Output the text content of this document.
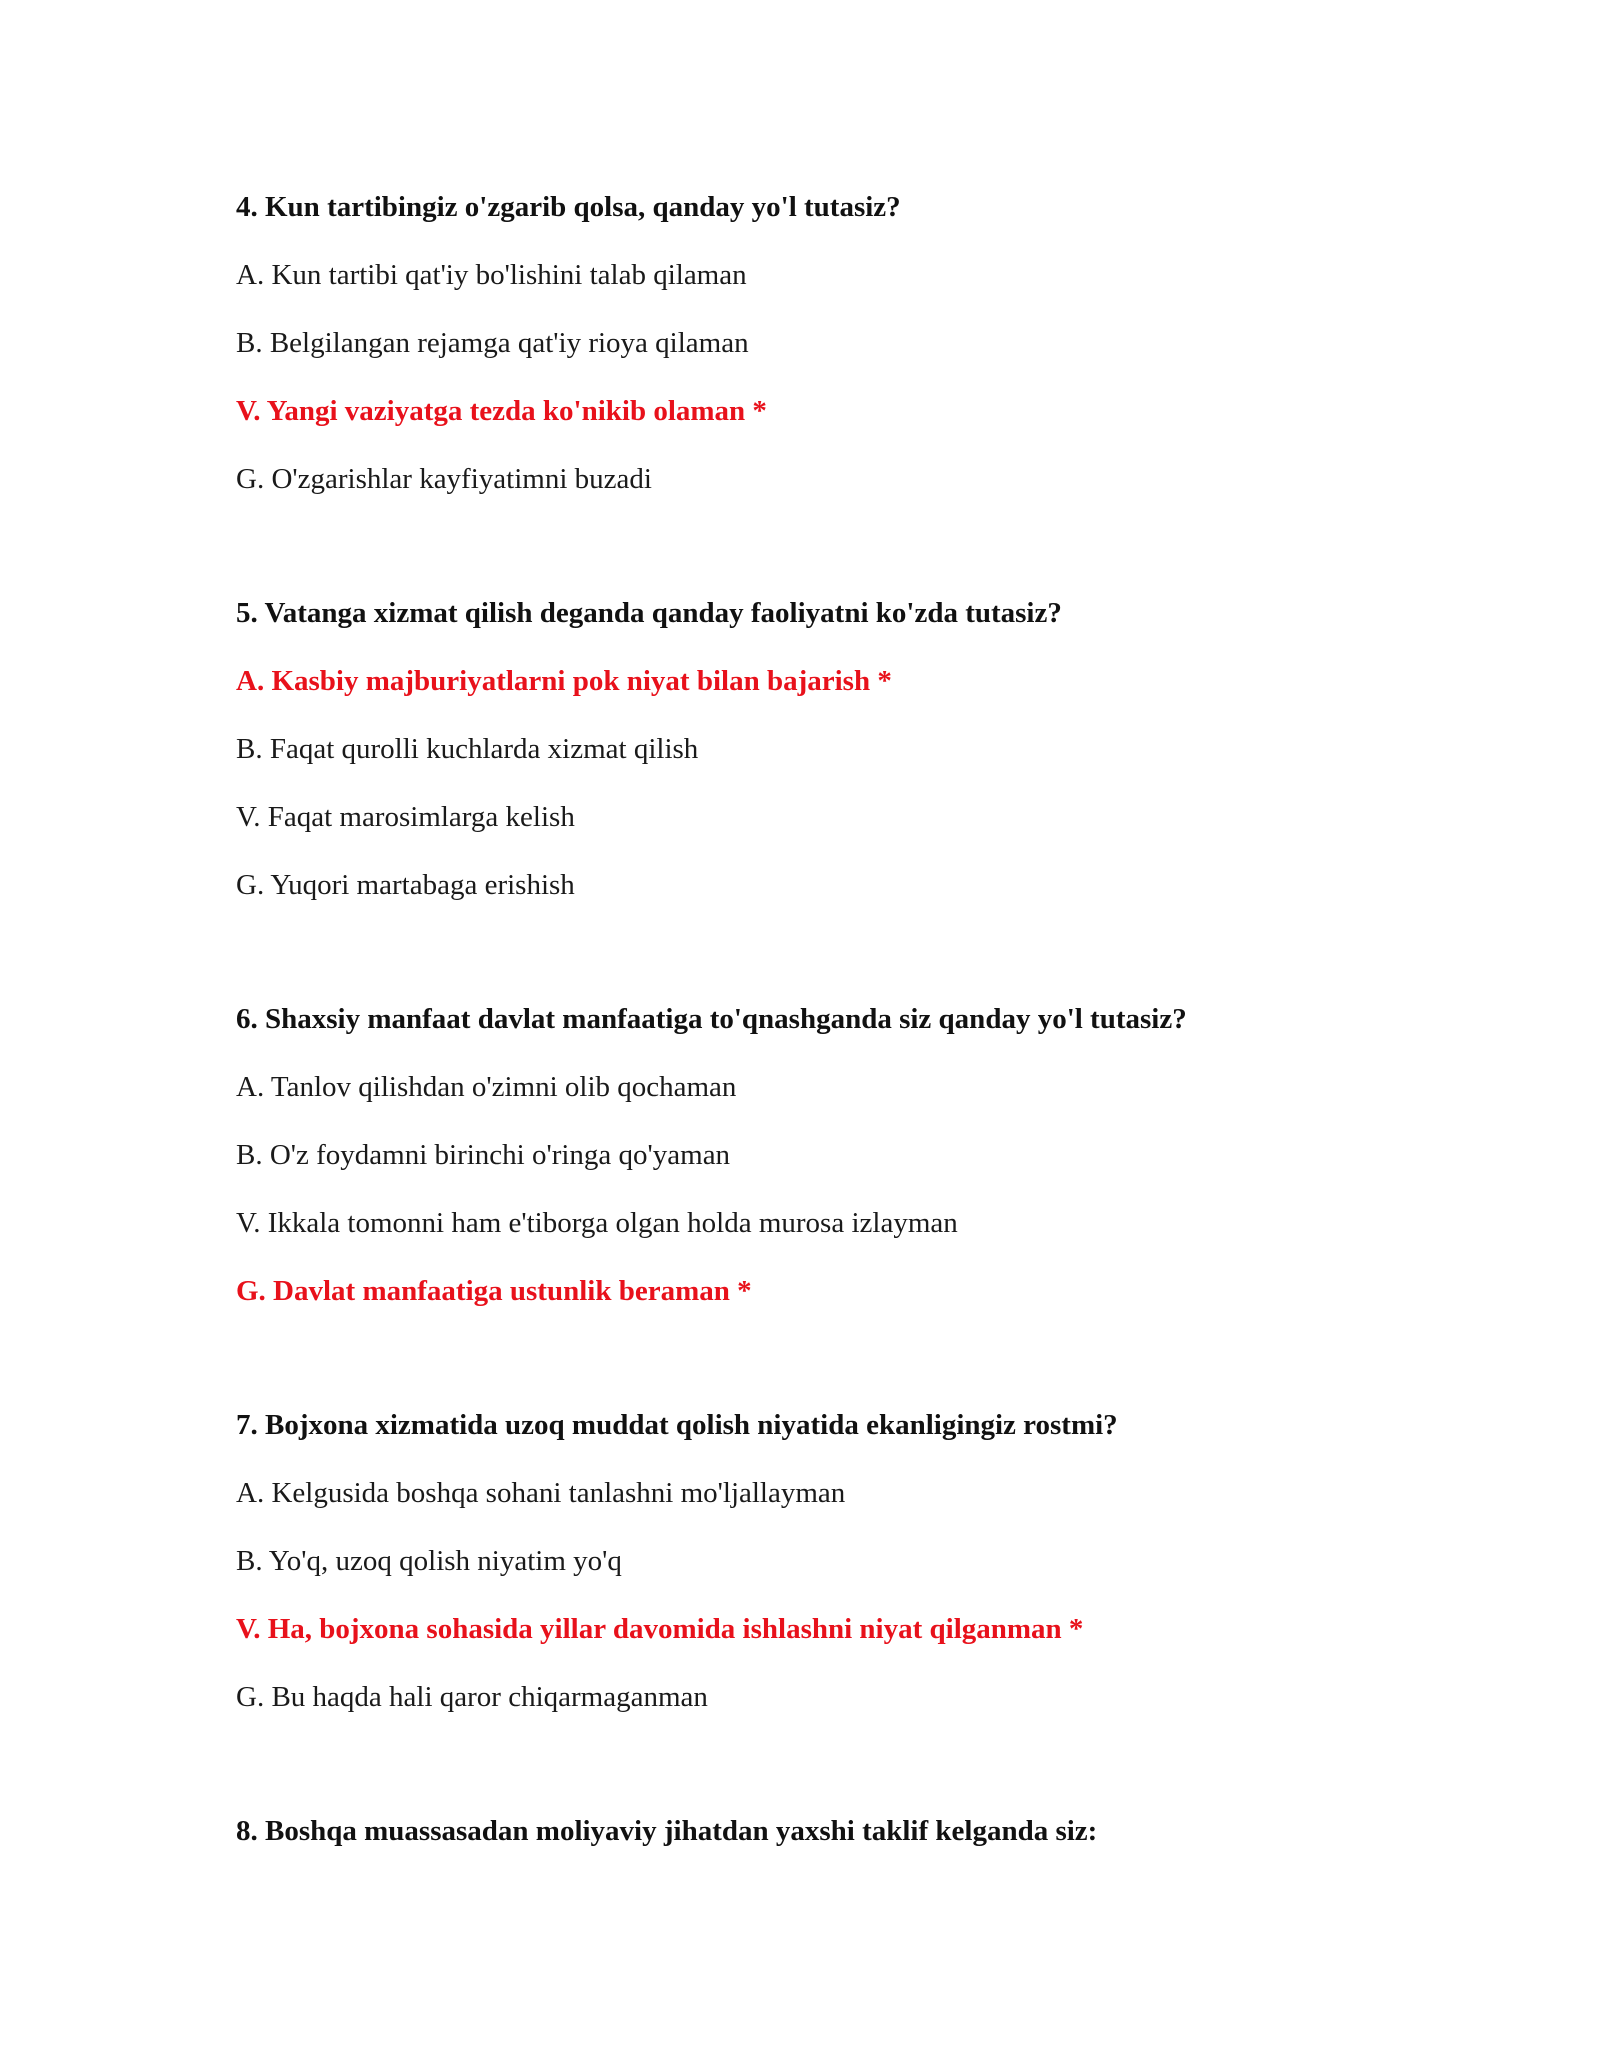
4. Kun tartibingiz o'zgarib qolsa, qanday yo'l tutasiz?
A. Kun tartibi qat'iy bo'lishini talab qilaman
B. Belgilangan rejamga qat'iy rioya qilaman
V. Yangi vaziyatga tezda ko'nikib olaman *
G. O'zgarishlar kayfiyatimni buzadi
5. Vatanga xizmat qilish deganda qanday faoliyatni ko'zda tutasiz?
A. Kasbiy majburiyatlarni pok niyat bilan bajarish *
B. Faqat qurolli kuchlarda xizmat qilish
V. Faqat marosimlarga kelish
G. Yuqori martabaga erishish
6. Shaxsiy manfaat davlat manfaatiga to'qnashganda siz qanday yo'l tutasiz?
A. Tanlov qilishdan o'zimni olib qochaman
B. O'z foydamni birinchi o'ringa qo'yaman
V. Ikkala tomonni ham e'tiborga olgan holda murosa izlayman
G. Davlat manfaatiga ustunlik beraman *
7. Bojxona xizmatida uzoq muddat qolish niyatida ekanligingiz rostmi?
A. Kelgusida boshqa sohani tanlashni mo'ljallayman
B. Yo'q, uzoq qolish niyatim yo'q
V. Ha, bojxona sohasida yillar davomida ishlashni niyat qilganman *
G. Bu haqda hali qaror chiqarmaganman
8. Boshqa muassasadan moliyaviy jihatdan yaxshi taklif kelganda siz:
